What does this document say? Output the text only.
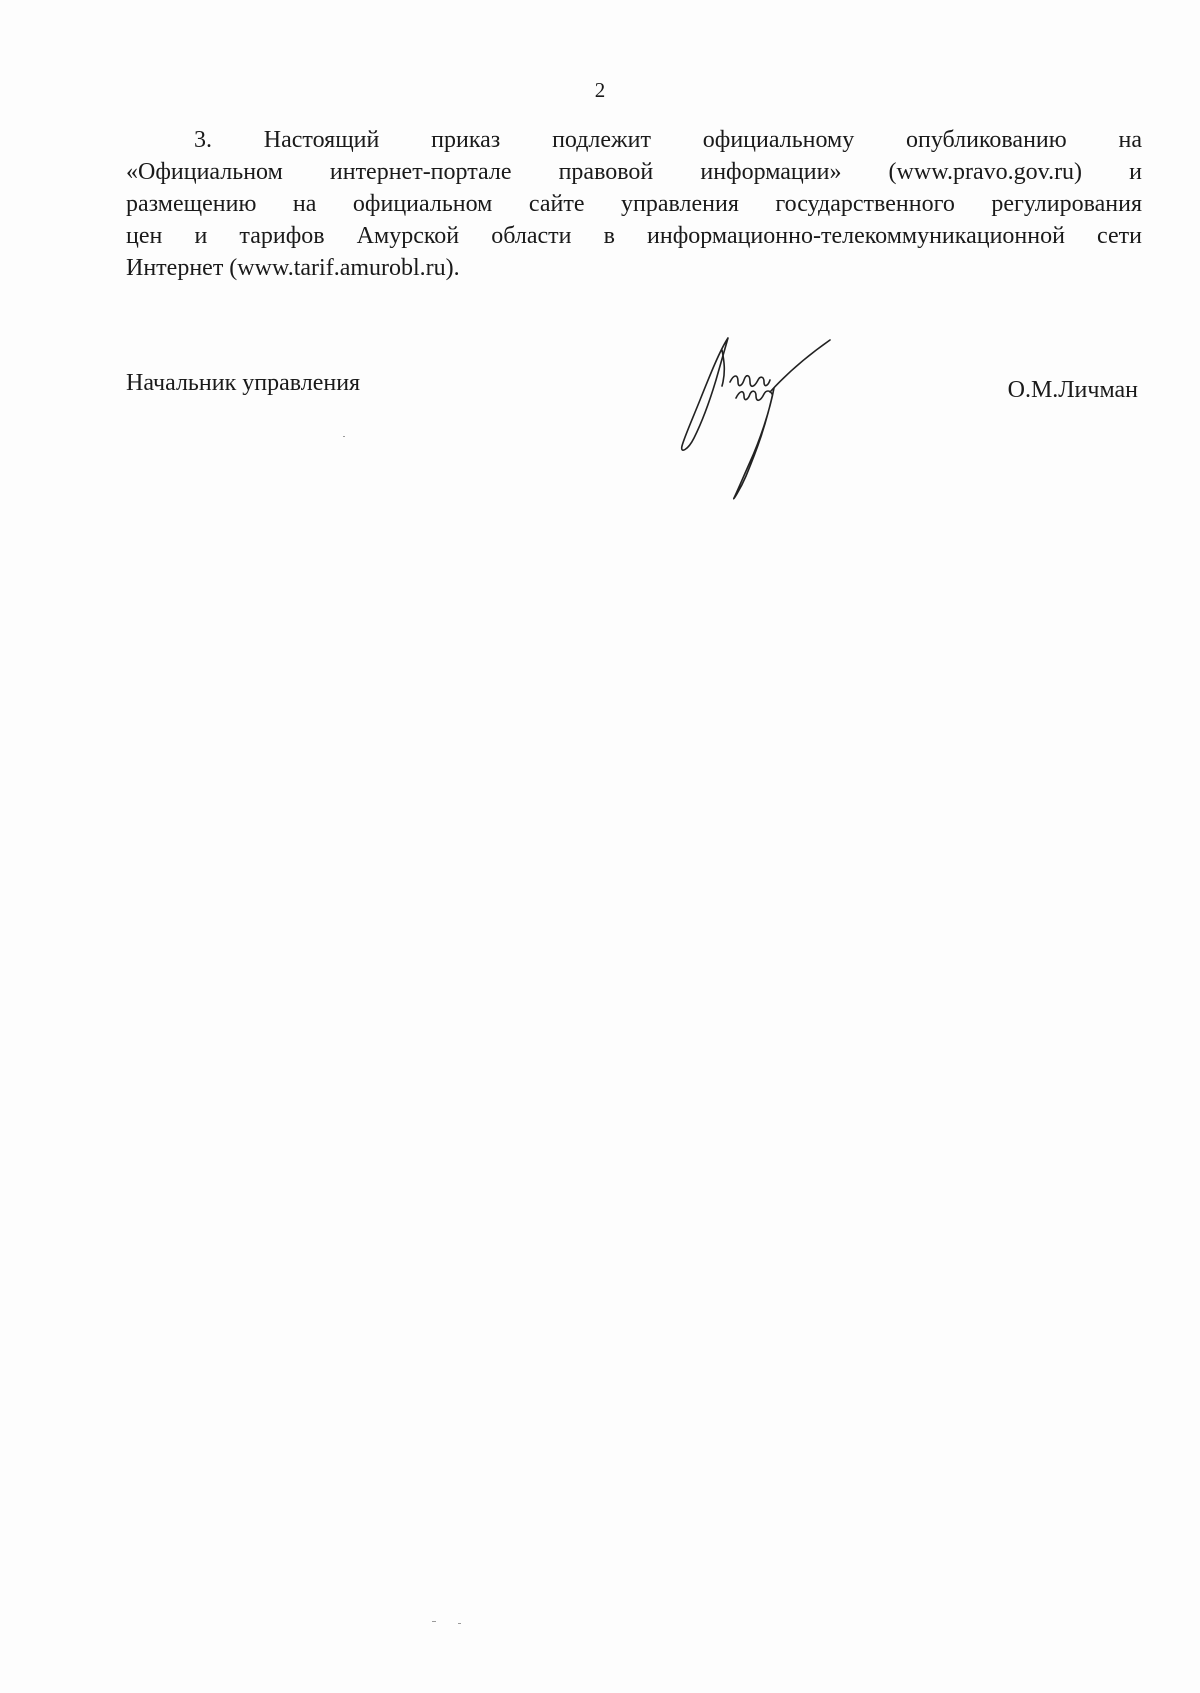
2
3. Настоящий приказ подлежит официальному опубликованию на
«Официальном интернет-портале правовой информации» (www.pravo.gov.ru) и
размещению на официальном сайте управления государственного регулирования
цен и тарифов Амурской области в информационно-телекоммуникационной сети
Интернет (www.tarif.amurobl.ru).
Начальник управления	О.М.Личман
